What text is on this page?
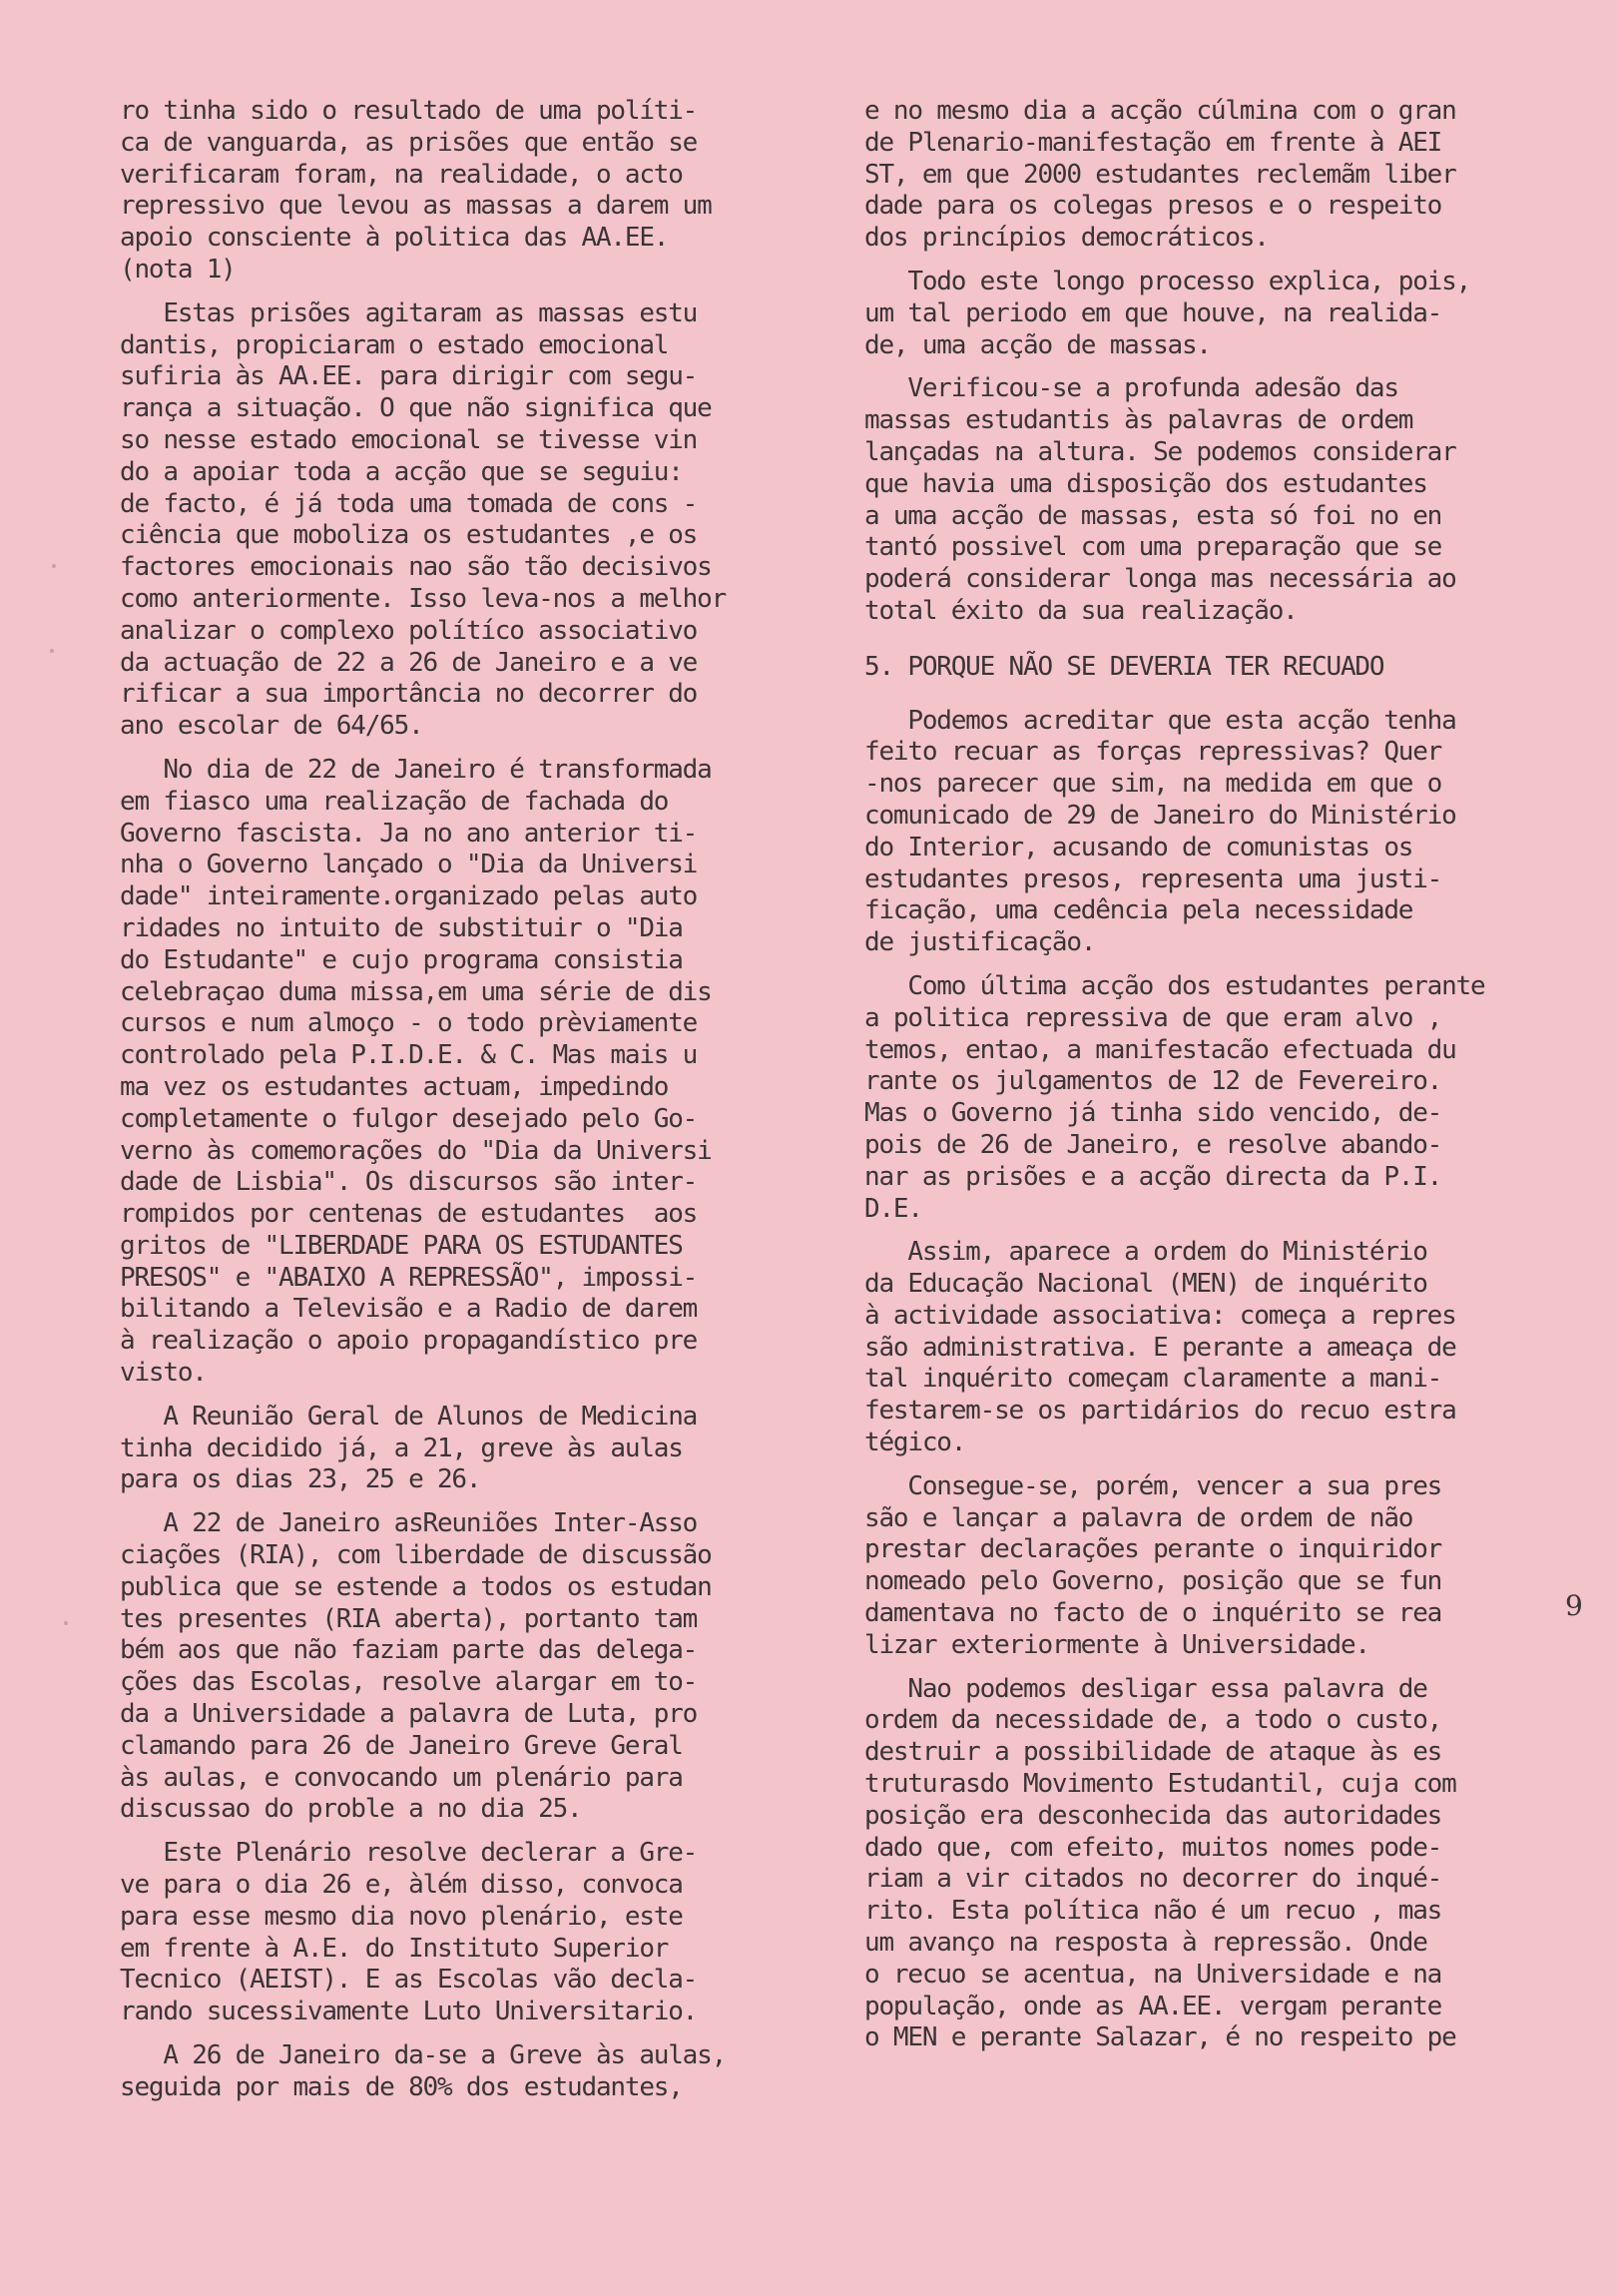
ro tinha sido o resultado de uma políti-
ca de vanguarda, as prisões que então se
verificaram foram, na realidade, o acto
repressivo que levou as massas a darem um
apoio consciente à politica das AA.EE.
(nota 1)

Estas prisões agitaram as massas estu
dantis, propiciaram o estado emocional
sufiria às AA.EE. para dirigir com segu-
rança a situação. O que não significa que
so nesse estado emocional se tivesse vin
do a apoiar toda a acção que se seguiu:
de facto, é já toda uma tomada de cons -
ciência que moboliza os estudantes ,e os
factores emocionais nao são tão decisivos
como anteriormente. Isso leva-nos a melhor
analizar o complexo polítíco associativo
da actuação de 22 a 26 de Janeiro e a ve
rificar a sua importância no decorrer do
ano escolar de 64/65.

No dia de 22 de Janeiro é transformada
em fiasco uma realização de fachada do
Governo fascista. Ja no ano anterior ti-
nha o Governo lançado o "Dia da Universi
dade" inteiramente.organizado pelas auto
ridades no intuito de substituir o "Dia
do Estudante" e cujo programa consistia
celebraçao duma missa,em uma série de dis
cursos e num almoço - o todo prèviamente
controlado pela P.I.D.E. & C. Mas mais u
ma vez os estudantes actuam, impedindo
completamente o fulgor desejado pelo Go-
verno às comemorações do "Dia da Universi
dade de Lisbia". Os discursos são inter-
rompidos por centenas de estudantes  aos
gritos de "LIBERDADE PARA OS ESTUDANTES
PRESOS" e "ABAIXO A REPRESSÃO", impossi-
bilitando a Televisão e a Radio de darem
à realização o apoio propagandístico pre
visto.

A Reunião Geral de Alunos de Medicina
tinha decidido já, a 21, greve às aulas
para os dias 23, 25 e 26.

A 22 de Janeiro asReuniões Inter-Asso
ciações (RIA), com liberdade de discussão
publica que se estende a todos os estudan
tes presentes (RIA aberta), portanto tam
bém aos que não faziam parte das delega-
ções das Escolas, resolve alargar em to-
da a Universidade a palavra de Luta, pro
clamando para 26 de Janeiro Greve Geral
às aulas, e convocando um plenário para
discussao do proble a no dia 25.

Este Plenário resolve declerar a Gre-
ve para o dia 26 e, àlém disso, convoca
para esse mesmo dia novo plenário, este
em frente à A.E. do Instituto Superior
Tecnico (AEIST). E as Escolas vão decla-
rando sucessivamente Luto Universitario.

A 26 de Janeiro da-se a Greve às aulas,
seguida por mais de 80% dos estudantes,

e no mesmo dia a acção cúlmina com o gran
de Plenario-manifestação em frente à AEI
ST, em que 2000 estudantes reclemãm liber
dade para os colegas presos e o respeito
dos princípios democráticos.

Todo este longo processo explica, pois,
um tal periodo em que houve, na realida-
de, uma acção de massas.

Verificou-se a profunda adesão das
massas estudantis às palavras de ordem
lançadas na altura. Se podemos considerar
que havia uma disposição dos estudantes
a uma acção de massas, esta só foi no en
tantó possivel com uma preparação que se
poderá considerar longa mas necessária ao
total éxito da sua realização.

5. PORQUE NÃO SE DEVERIA TER RECUADO

Podemos acreditar que esta acção tenha
feito recuar as forças repressivas? Quer
-nos parecer que sim, na medida em que o
comunicado de 29 de Janeiro do Ministério
do Interior, acusando de comunistas os
estudantes presos, representa uma justi-
ficação, uma cedência pela necessidade
de justificação.

Como última acção dos estudantes perante
a politica repressiva de que eram alvo ,
temos, entao, a manifestacão efectuada du
rante os julgamentos de 12 de Fevereiro.
Mas o Governo já tinha sido vencido, de-
pois de 26 de Janeiro, e resolve abando-
nar as prisões e a acção directa da P.I.
D.E.

Assim, aparece a ordem do Ministério
da Educação Nacional (MEN) de inquérito
à actividade associativa: começa a repres
são administrativa. E perante a ameaça de
tal inquérito começam claramente a mani-
festarem-se os partidários do recuo estra
tégico.

Consegue-se, porém, vencer a sua pres
são e lançar a palavra de ordem de não
prestar declarações perante o inquiridor
nomeado pelo Governo, posição que se fun
damentava no facto de o inquérito se rea
lizar exteriormente à Universidade.

Nao podemos desligar essa palavra de
ordem da necessidade de, a todo o custo,
destruir a possibilidade de ataque às es
truturasdo Movimento Estudantil, cuja com
posição era desconhecida das autoridades
dado que, com efeito, muitos nomes pode-
riam a vir citados no decorrer do inqué-
rito. Esta política não é um recuo , mas
um avanço na resposta à repressão. Onde
o recuo se acentua, na Universidade e na
população, onde as AA.EE. vergam perante
o MEN e perante Salazar, é no respeito pe

9
